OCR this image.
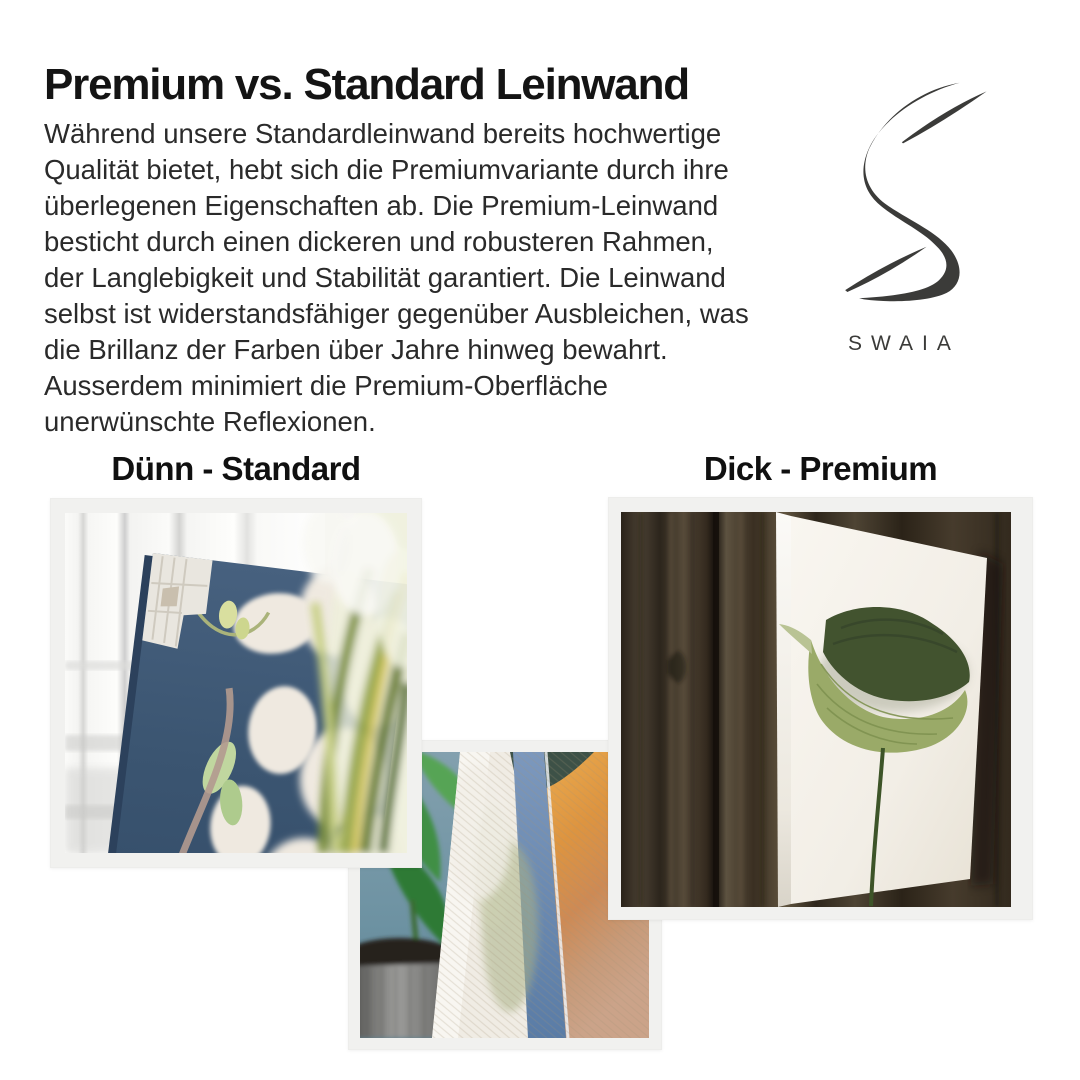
Premium vs. Standard Leinwand
Während unsere Standardleinwand bereits hochwertige
Qualität bietet, hebt sich die Premiumvariante durch ihre
überlegenen Eigenschaften ab. Die Premium-Leinwand
besticht durch einen dickeren und robusteren Rahmen,
der Langlebigkeit und Stabilität garantiert. Die Leinwand
selbst ist widerstandsfähiger gegenüber Ausbleichen, was
die Brillanz der Farben über Jahre hinweg bewahrt.
Ausserdem minimiert die Premium-Oberfläche
unerwünschte Reflexionen.
SWAIA
Dünn - Standard	Dick - Premium
